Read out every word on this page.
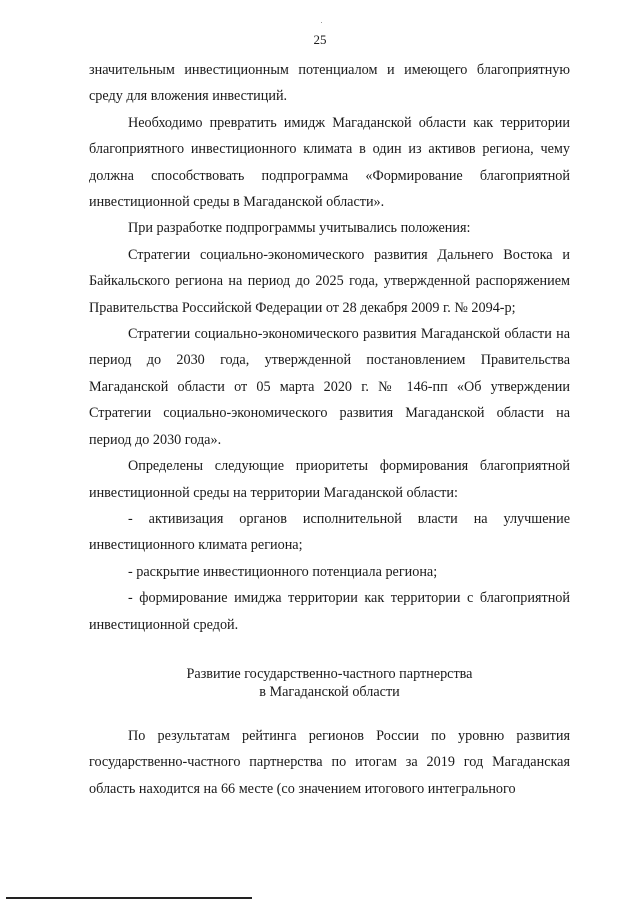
25

значительным инвестиционным потенциалом и имеющего благоприятную среду для вложения инвестиций.

Необходимо превратить имидж Магаданской области как территории благоприятного инвестиционного климата в один из активов региона, чему должна способствовать подпрограмма «Формирование благоприятной инвестиционной среды в Магаданской области».

При разработке подпрограммы учитывались положения:

Стратегии социально-экономического развития Дальнего Востока и Байкальского региона на период до 2025 года, утвержденной распоряжением Правительства Российской Федерации от 28 декабря 2009 г. № 2094-р;

Стратегии социально-экономического развития Магаданской области на период до 2030 года, утвержденной постановлением Правительства Магаданской области от 05 марта 2020 г. № 146-пп «Об утверждении Стратегии социально-экономического развития Магаданской области на период до 2030 года».

Определены следующие приоритеты формирования благоприятной инвестиционной среды на территории Магаданской области:

- активизация органов исполнительной власти на улучшение инвестиционного климата региона;

- раскрытие инвестиционного потенциала региона;

- формирование имиджа территории как территории с благоприятной инвестиционной средой.

Развитие государственно-частного партнерства
в Магаданской области

По результатам рейтинга регионов России по уровню развития государственно-частного партнерства по итогам за 2019 год Магаданская область находится на 66 месте (со значением итогового интегрального
